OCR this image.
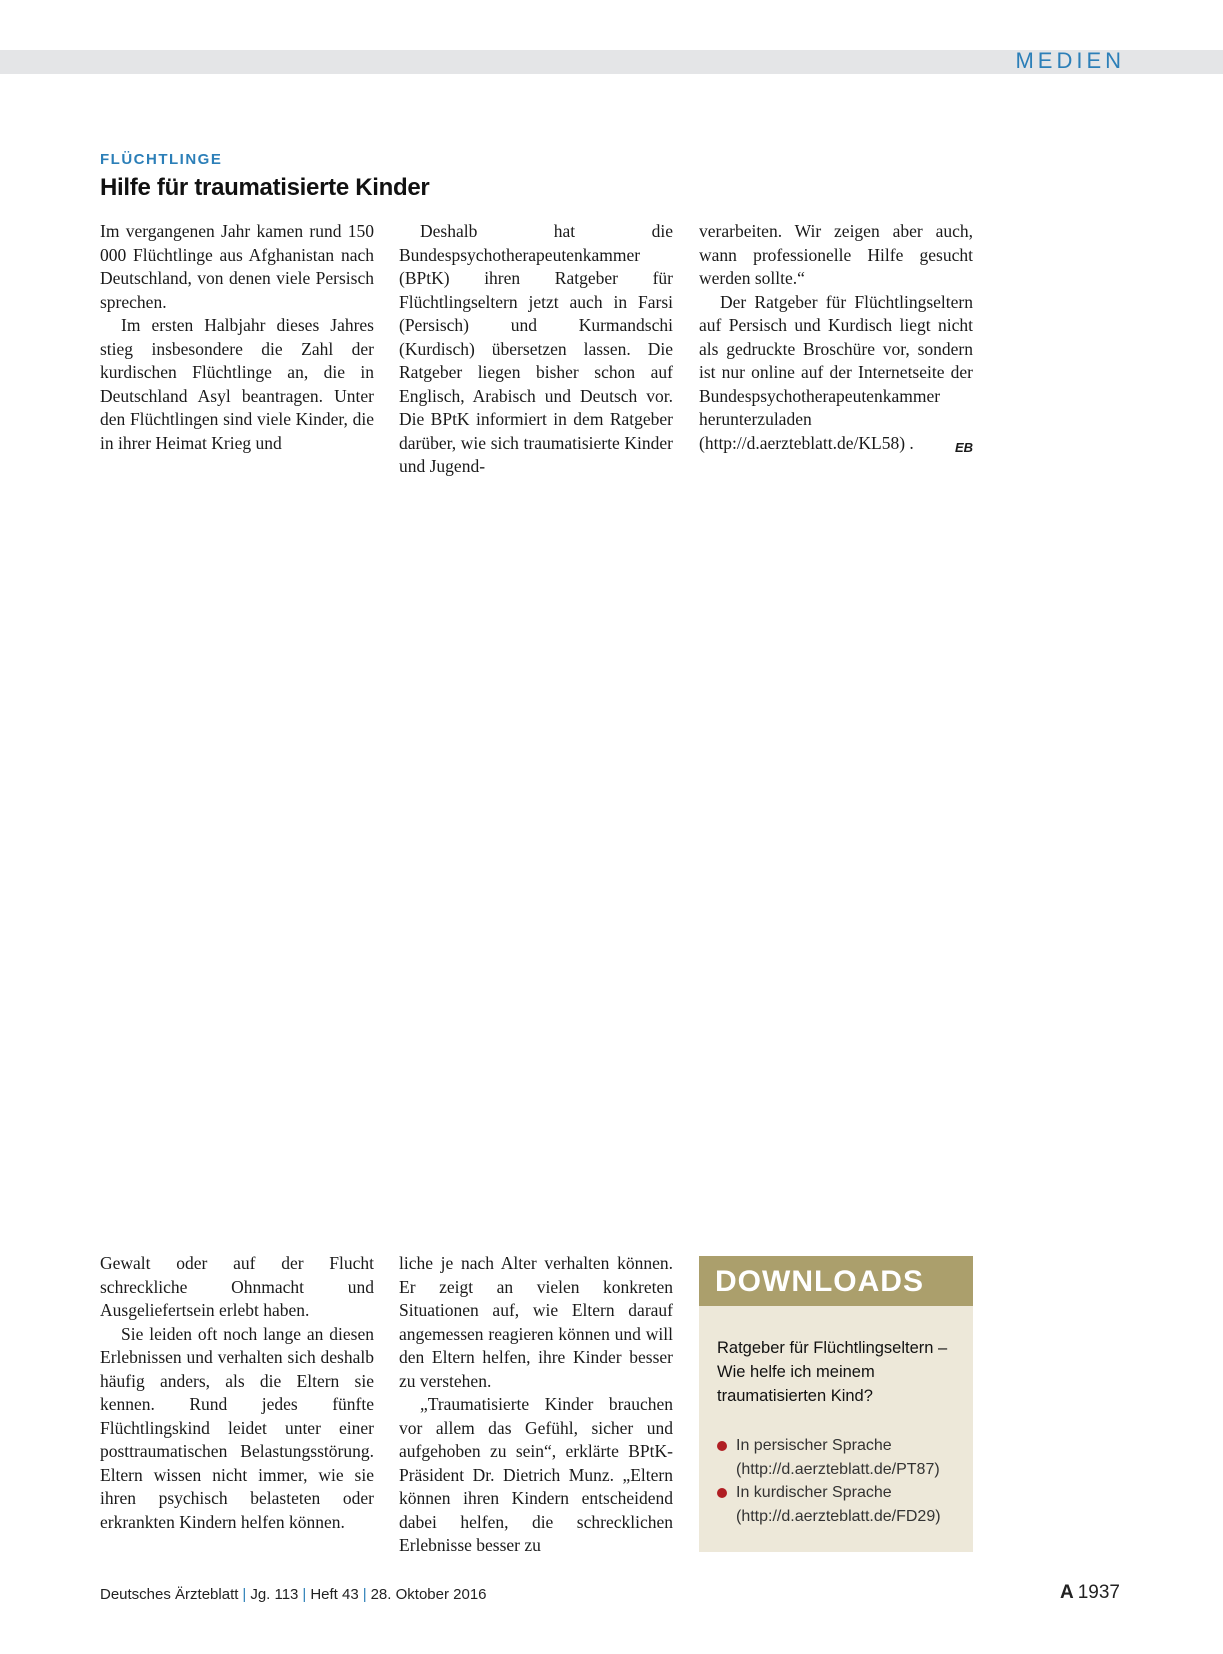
MEDIEN
FLÜCHTLINGE
Hilfe für traumatisierte Kinder

Im vergangenen Jahr kamen rund 150 000 Flüchtlinge aus Afghanistan nach Deutschland, von denen viele Persisch sprechen.

Im ersten Halbjahr dieses Jahres stieg insbesondere die Zahl der kurdischen Flüchtlinge an, die in Deutschland Asyl beantragen. Unter den Flüchtlingen sind viele Kinder, die in ihrer Heimat Krieg und

Deshalb hat die Bundespsychotherapeutenkammer (BPtK) ihren Ratgeber für Flüchtlingseltern jetzt auch in Farsi (Persisch) und Kurmandschi (Kurdisch) übersetzen lassen. Die Ratgeber liegen bisher schon auf Englisch, Arabisch und Deutsch vor. Die BPtK informiert in dem Ratgeber darüber, wie sich traumatisierte Kinder und Jugend-

verarbeiten. Wir zeigen aber auch, wann professionelle Hilfe gesucht werden sollte.“

Der Ratgeber für Flüchtlingseltern auf Persisch und Kurdisch liegt nicht als gedruckte Broschüre vor, sondern ist nur online auf der Internetseite der Bundespsychotherapeutenkammer herunterzuladen (http://d.aerzteblatt.de/KL58) .	EB

Gewalt oder auf der Flucht schreckliche Ohnmacht und Ausgeliefertsein erlebt haben.

Sie leiden oft noch lange an diesen Erlebnissen und verhalten sich deshalb häufig anders, als die Eltern sie kennen. Rund jedes fünfte Flüchtlingskind leidet unter einer posttraumatischen Belastungsstörung. Eltern wissen nicht immer, wie sie ihren psychisch belasteten oder erkrankten Kindern helfen können.

liche je nach Alter verhalten können. Er zeigt an vielen konkreten Situationen auf, wie Eltern darauf angemessen reagieren können und will den Eltern helfen, ihre Kinder besser zu verstehen.

„Traumatisierte Kinder brauchen vor allem das Gefühl, sicher und aufgehoben zu sein“, erklärte BPtK-Präsident Dr. Dietrich Munz. „Eltern können ihren Kindern entscheidend dabei helfen, die schrecklichen Erlebnisse besser zu

DOWNLOADS
Ratgeber für Flüchtlingseltern – Wie helfe ich meinem traumatisierten Kind?
In persischer Sprache
(http://d.aerzteblatt.de/PT87)
In kurdischer Sprache
(http://d.aerzteblatt.de/FD29)
Deutsches Ärzteblatt | Jg. 113 | Heft 43 | 28. Oktober 2016	A 1937
